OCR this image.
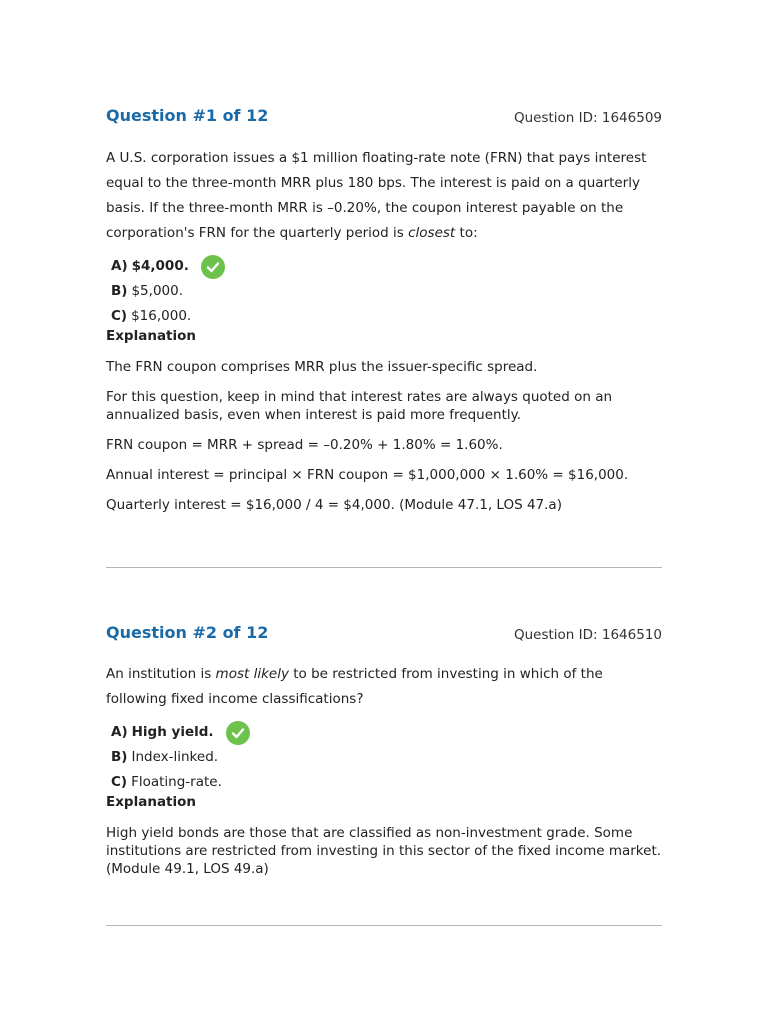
Question #1 of 12	Question ID: 1646509

A U.S. corporation issues a $1 million floating-rate note (FRN) that pays interest equal to the three-month MRR plus 180 bps. The interest is paid on a quarterly basis. If the three-month MRR is –0.20%, the coupon interest payable on the corporation's FRN for the quarterly period is closest to:

A) $4,000.
B) $5,000.
C) $16,000.
Explanation

The FRN coupon comprises MRR plus the issuer-specific spread.

For this question, keep in mind that interest rates are always quoted on an annualized basis, even when interest is paid more frequently.

FRN coupon = MRR + spread = –0.20% + 1.80% = 1.60%.

Annual interest = principal × FRN coupon = $1,000,000 × 1.60% = $16,000.

Quarterly interest = $16,000 / 4 = $4,000. (Module 47.1, LOS 47.a)

Question #2 of 12	Question ID: 1646510

An institution is most likely to be restricted from investing in which of the following fixed income classifications?

A) High yield.
B) Index-linked.
C) Floating-rate.
Explanation

High yield bonds are those that are classified as non-investment grade. Some institutions are restricted from investing in this sector of the fixed income market. (Module 49.1, LOS 49.a)
